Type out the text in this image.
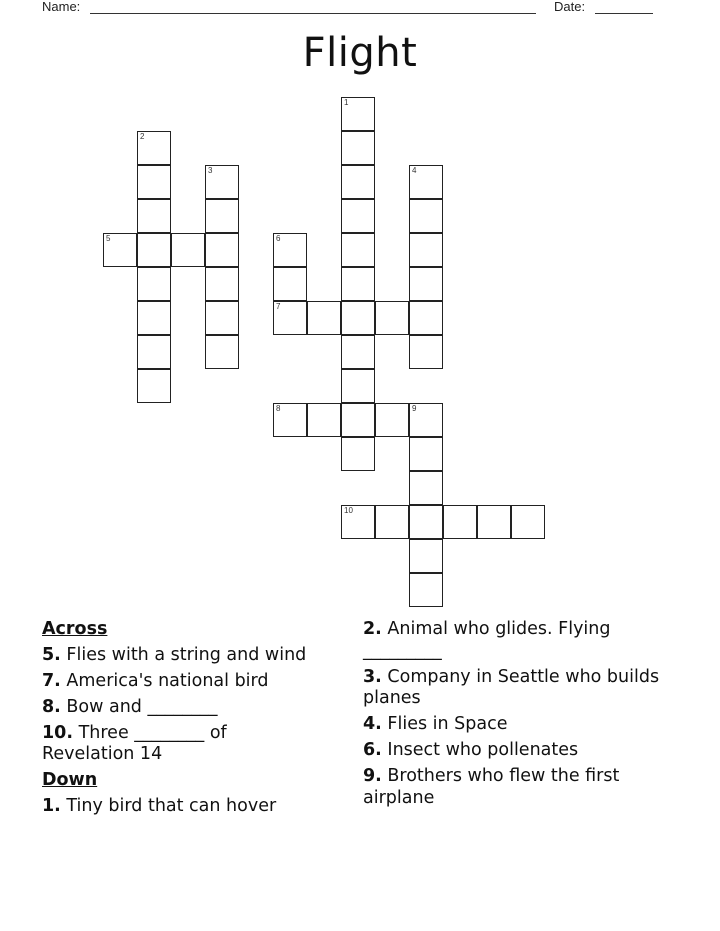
Name:	Date:
Flight
1
2
3	4
5	6
7
8	9
10
Across
5. Flies with a string and wind
7. America's national bird
8. Bow and ________
10. Three ________ of Revelation 14
Down
1. Tiny bird that can hover
2. Animal who glides. Flying _________
3. Company in Seattle who builds planes
4. Flies in Space
6. Insect who pollenates
9. Brothers who flew the first airplane
